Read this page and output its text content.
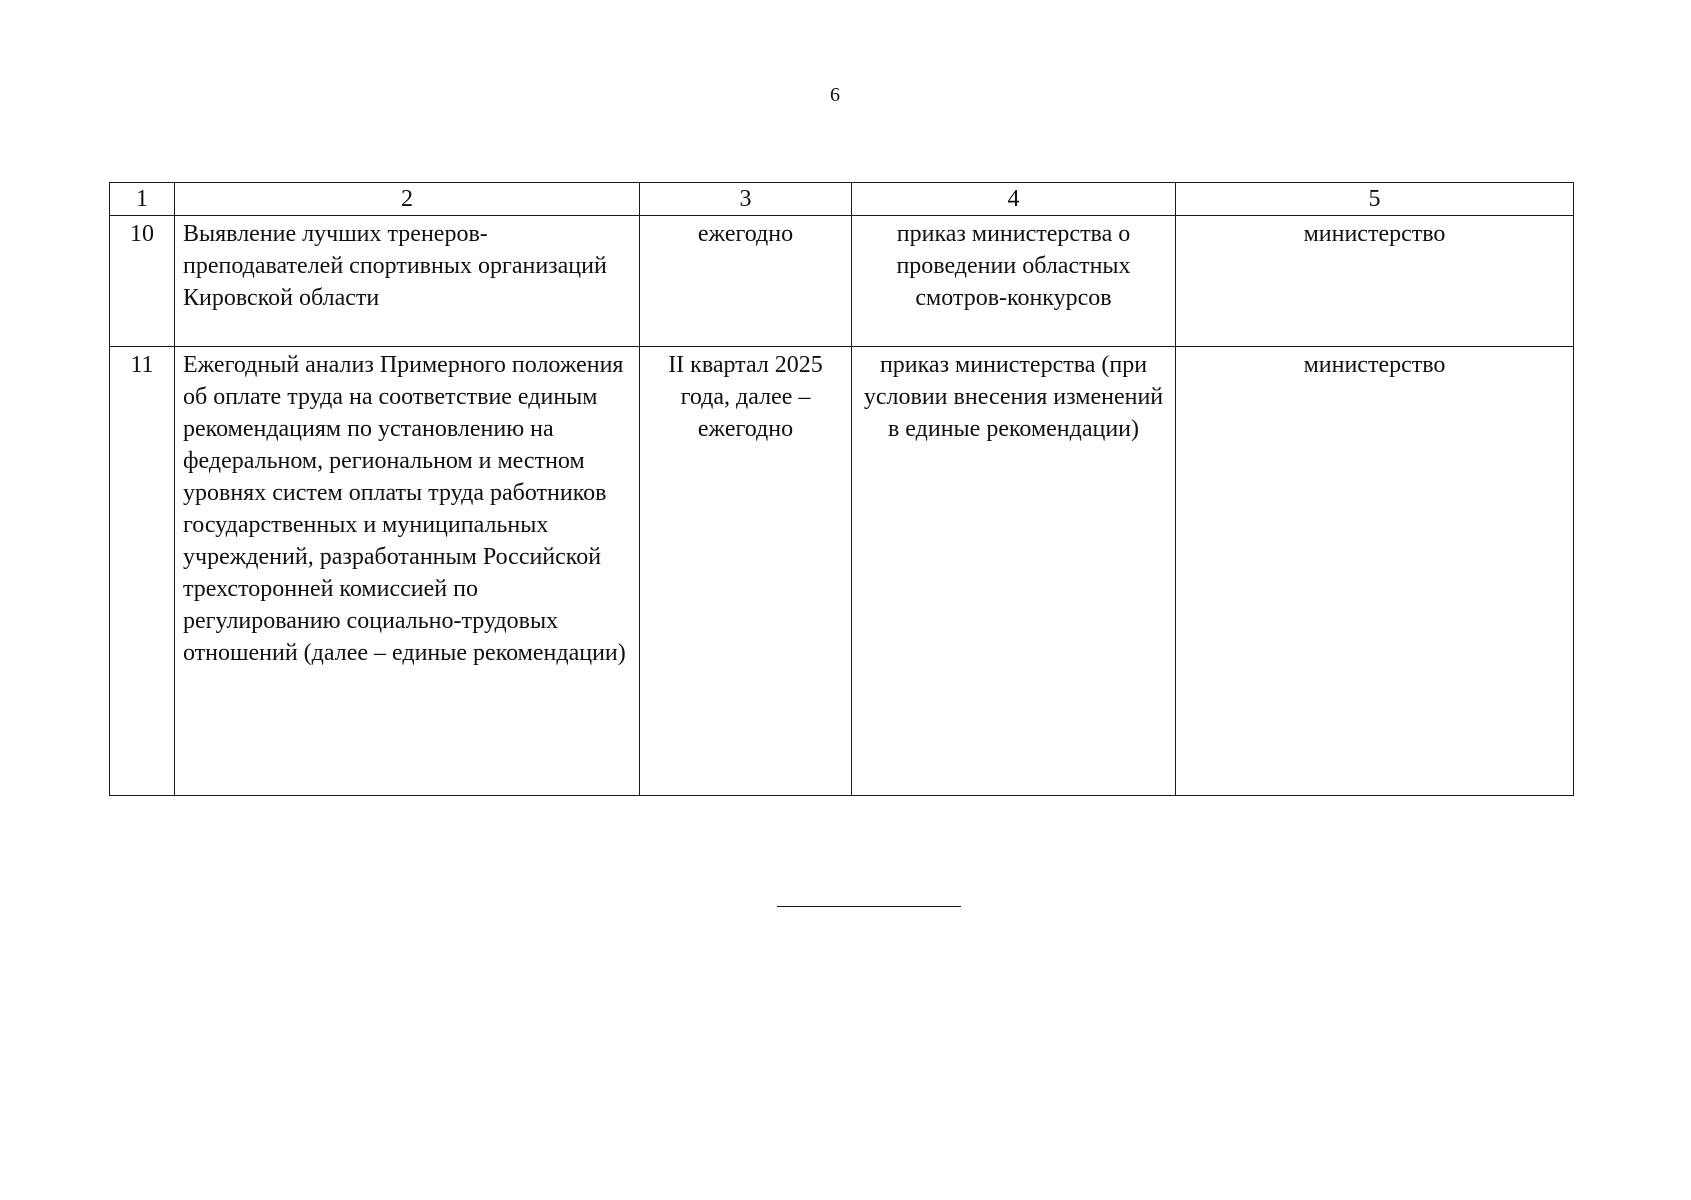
6
1	2	3	4	5
10	Выявление лучших тренеров-преподавателей спортивных организаций Кировской области	ежегодно	приказ министерства о проведении областных смотров-конкурсов	министерство
11	Ежегодный анализ Примерного положения об оплате труда на соответствие единым рекомендациям по установлению на федеральном, региональном и местном уровнях систем оплаты труда работников государственных и муниципальных учреждений, разработанным Российской трехсторонней комиссией по регулированию социально-трудовых отношений (далее – единые рекомендации)	II квартал 2025 года, далее – ежегодно	приказ министерства (при условии внесения изменений в единые рекомендации)	министерство
